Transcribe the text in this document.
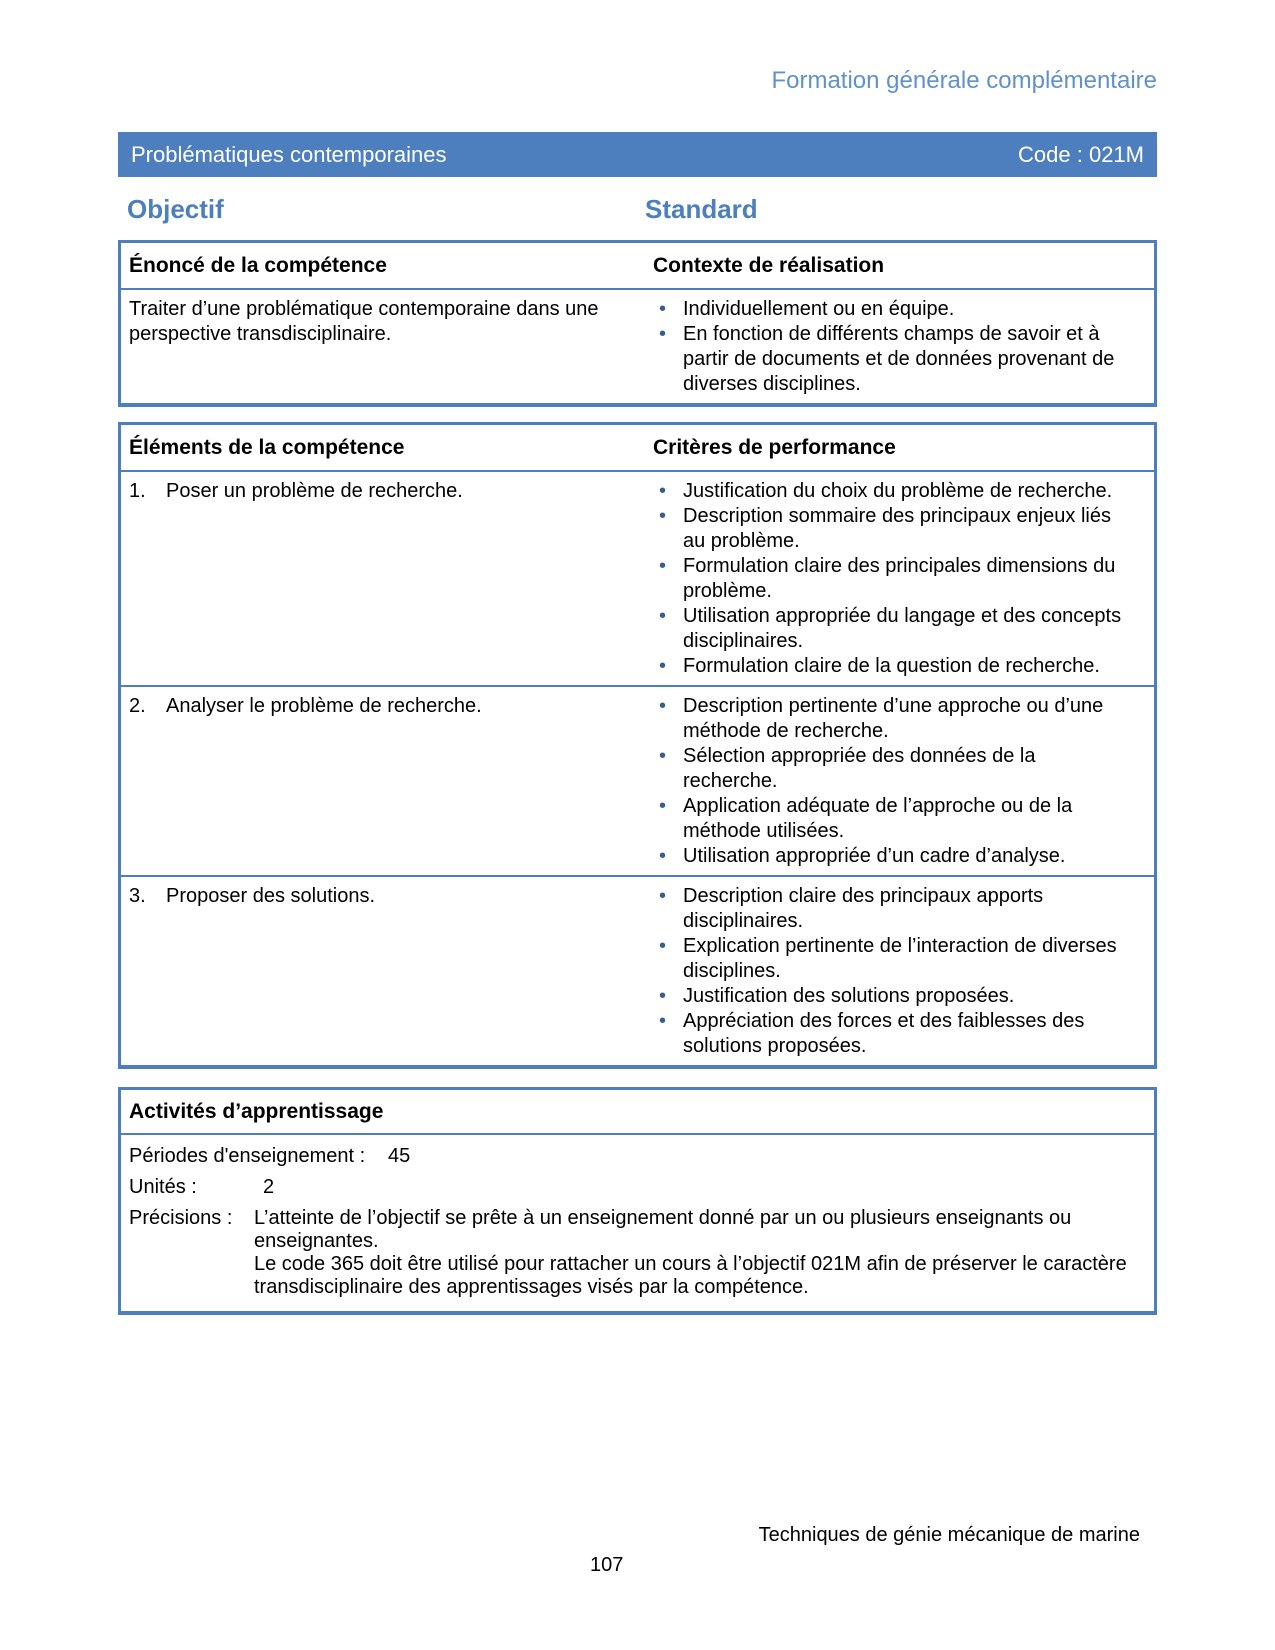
Formation générale complémentaire
Problématiques contemporaines	Code : 021M
Objectif	Standard
Énoncé de la compétence	Contexte de réalisation

Traiter d’une problématique contemporaine dans une perspective transdisciplinaire.

• Individuellement ou en équipe.
• En fonction de différents champs de savoir et à partir de documents et de données provenant de diverses disciplines.
Éléments de la compétence	Critères de performance
1.	Poser un problème de recherche.	• Justification du choix du problème de recherche.
• Description sommaire des principaux enjeux liés au problème.
• Formulation claire des principales dimensions du problème.
• Utilisation appropriée du langage et des concepts disciplinaires.
• Formulation claire de la question de recherche.
2.	Analyser le problème de recherche.	• Description pertinente d’une approche ou d’une méthode de recherche.
• Sélection appropriée des données de la recherche.
• Application adéquate de l’approche ou de la méthode utilisées.
• Utilisation appropriée d’un cadre d’analyse.
3.	Proposer des solutions.	• Description claire des principaux apports disciplinaires.
• Explication pertinente de l’interaction de diverses disciplines.
• Justification des solutions proposées.
• Appréciation des forces et des faiblesses des solutions proposées.
Activités d’apprentissage
Périodes d'enseignement :	45
Unités :	2
Précisions :	L’atteinte de l’objectif se prête à un enseignement donné par un ou plusieurs enseignants ou enseignantes.

Le code 365 doit être utilisé pour rattacher un cours à l’objectif 021M afin de préserver le caractère transdisciplinaire des apprentissages visés par la compétence.

Techniques de génie mécanique de marine
107
